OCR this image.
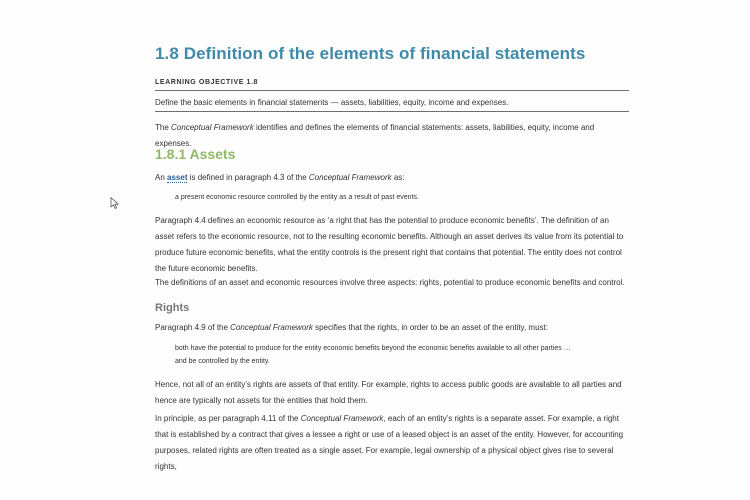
1.8 Definition of the elements of financial statements
LEARNING OBJECTIVE 1.8
Define the basic elements in financial statements — assets, liabilities, equity, income and expenses.
The Conceptual Framework identifies and defines the elements of financial statements: assets, liabilities, equity, income and expenses.
1.8.1 Assets
An asset is defined in paragraph 4.3 of the Conceptual Framework as:
a present economic resource controlled by the entity as a result of past events.
Paragraph 4.4 defines an economic resource as ‘a right that has the potential to produce economic benefits’. The definition of an asset refers to the economic resource, not to the resulting economic benefits. Although an asset derives its value from its potential to produce future economic benefits, what the entity controls is the present right that contains that potential. The entity does not control the future economic benefits.
The definitions of an asset and economic resources involve three aspects: rights, potential to produce economic benefits and control.
Rights
Paragraph 4.9 of the Conceptual Framework specifies that the rights, in order to be an asset of the entity, must:
both have the potential to produce for the entity economic benefits beyond the economic benefits available to all other parties …
and be controlled by the entity.
Hence, not all of an entity’s rights are assets of that entity. For example, rights to access public goods are available to all parties and hence are typically not assets for the entities that hold them.
In principle, as per paragraph 4.11 of the Conceptual Framework, each of an entity’s rights is a separate asset. For example, a right that is established by a contract that gives a lessee a right or use of a leased object is an asset of the entity. However, for accounting purposes, related rights are often treated as a single asset. For example, legal ownership of a physical object gives rise to several rights,
